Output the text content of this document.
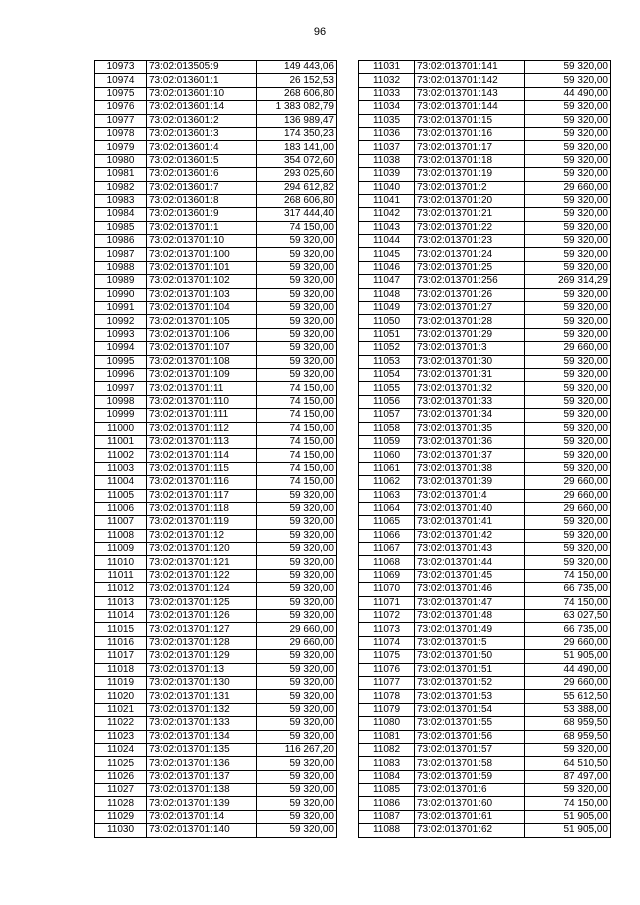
96
10973	73:02:013505:9	149 443,06
10974	73:02:013601:1	26 152,53
10975	73:02:013601:10	268 606,80
10976	73:02:013601:14	1 383 082,79
10977	73:02:013601:2	136 989,47
10978	73:02:013601:3	174 350,23
10979	73:02:013601:4	183 141,00
10980	73:02:013601:5	354 072,60
10981	73:02:013601:6	293 025,60
10982	73:02:013601:7	294 612,82
10983	73:02:013601:8	268 606,80
10984	73:02:013601:9	317 444,40
10985	73:02:013701:1	74 150,00
10986	73:02:013701:10	59 320,00
10987	73:02:013701:100	59 320,00
10988	73:02:013701:101	59 320,00
10989	73:02:013701:102	59 320,00
10990	73:02:013701:103	59 320,00
10991	73:02:013701:104	59 320,00
10992	73:02:013701:105	59 320,00
10993	73:02:013701:106	59 320,00
10994	73:02:013701:107	59 320,00
10995	73:02:013701:108	59 320,00
10996	73:02:013701:109	59 320,00
10997	73:02:013701:11	74 150,00
10998	73:02:013701:110	74 150,00
10999	73:02:013701:111	74 150,00
11000	73:02:013701:112	74 150,00
11001	73:02:013701:113	74 150,00
11002	73:02:013701:114	74 150,00
11003	73:02:013701:115	74 150,00
11004	73:02:013701:116	74 150,00
11005	73:02:013701:117	59 320,00
11006	73:02:013701:118	59 320,00
11007	73:02:013701:119	59 320,00
11008	73:02:013701:12	59 320,00
11009	73:02:013701:120	59 320,00
11010	73:02:013701:121	59 320,00
11011	73:02:013701:122	59 320,00
11012	73:02:013701:124	59 320,00
11013	73:02:013701:125	59 320,00
11014	73:02:013701:126	59 320,00
11015	73:02:013701:127	29 660,00
11016	73:02:013701:128	29 660,00
11017	73:02:013701:129	59 320,00
11018	73:02:013701:13	59 320,00
11019	73:02:013701:130	59 320,00
11020	73:02:013701:131	59 320,00
11021	73:02:013701:132	59 320,00
11022	73:02:013701:133	59 320,00
11023	73:02:013701:134	59 320,00
11024	73:02:013701:135	116 267,20
11025	73:02:013701:136	59 320,00
11026	73:02:013701:137	59 320,00
11027	73:02:013701:138	59 320,00
11028	73:02:013701:139	59 320,00
11029	73:02:013701:14	59 320,00
11030	73:02:013701:140	59 320,00
11031	73:02:013701:141	59 320,00
11032	73:02:013701:142	59 320,00
11033	73:02:013701:143	44 490,00
11034	73:02:013701:144	59 320,00
11035	73:02:013701:15	59 320,00
11036	73:02:013701:16	59 320,00
11037	73:02:013701:17	59 320,00
11038	73:02:013701:18	59 320,00
11039	73:02:013701:19	59 320,00
11040	73:02:013701:2	29 660,00
11041	73:02:013701:20	59 320,00
11042	73:02:013701:21	59 320,00
11043	73:02:013701:22	59 320,00
11044	73:02:013701:23	59 320,00
11045	73:02:013701:24	59 320,00
11046	73:02:013701:25	59 320,00
11047	73:02:013701:256	269 314,29
11048	73:02:013701:26	59 320,00
11049	73:02:013701:27	59 320,00
11050	73:02:013701:28	59 320,00
11051	73:02:013701:29	59 320,00
11052	73:02:013701:3	29 660,00
11053	73:02:013701:30	59 320,00
11054	73:02:013701:31	59 320,00
11055	73:02:013701:32	59 320,00
11056	73:02:013701:33	59 320,00
11057	73:02:013701:34	59 320,00
11058	73:02:013701:35	59 320,00
11059	73:02:013701:36	59 320,00
11060	73:02:013701:37	59 320,00
11061	73:02:013701:38	59 320,00
11062	73:02:013701:39	29 660,00
11063	73:02:013701:4	29 660,00
11064	73:02:013701:40	29 660,00
11065	73:02:013701:41	59 320,00
11066	73:02:013701:42	59 320,00
11067	73:02:013701:43	59 320,00
11068	73:02:013701:44	59 320,00
11069	73:02:013701:45	74 150,00
11070	73:02:013701:46	66 735,00
11071	73:02:013701:47	74 150,00
11072	73:02:013701:48	63 027,50
11073	73:02:013701:49	66 735,00
11074	73:02:013701:5	29 660,00
11075	73:02:013701:50	51 905,00
11076	73:02:013701:51	44 490,00
11077	73:02:013701:52	29 660,00
11078	73:02:013701:53	55 612,50
11079	73:02:013701:54	53 388,00
11080	73:02:013701:55	68 959,50
11081	73:02:013701:56	68 959,50
11082	73:02:013701:57	59 320,00
11083	73:02:013701:58	64 510,50
11084	73:02:013701:59	87 497,00
11085	73:02:013701:6	59 320,00
11086	73:02:013701:60	74 150,00
11087	73:02:013701:61	51 905,00
11088	73:02:013701:62	51 905,00
